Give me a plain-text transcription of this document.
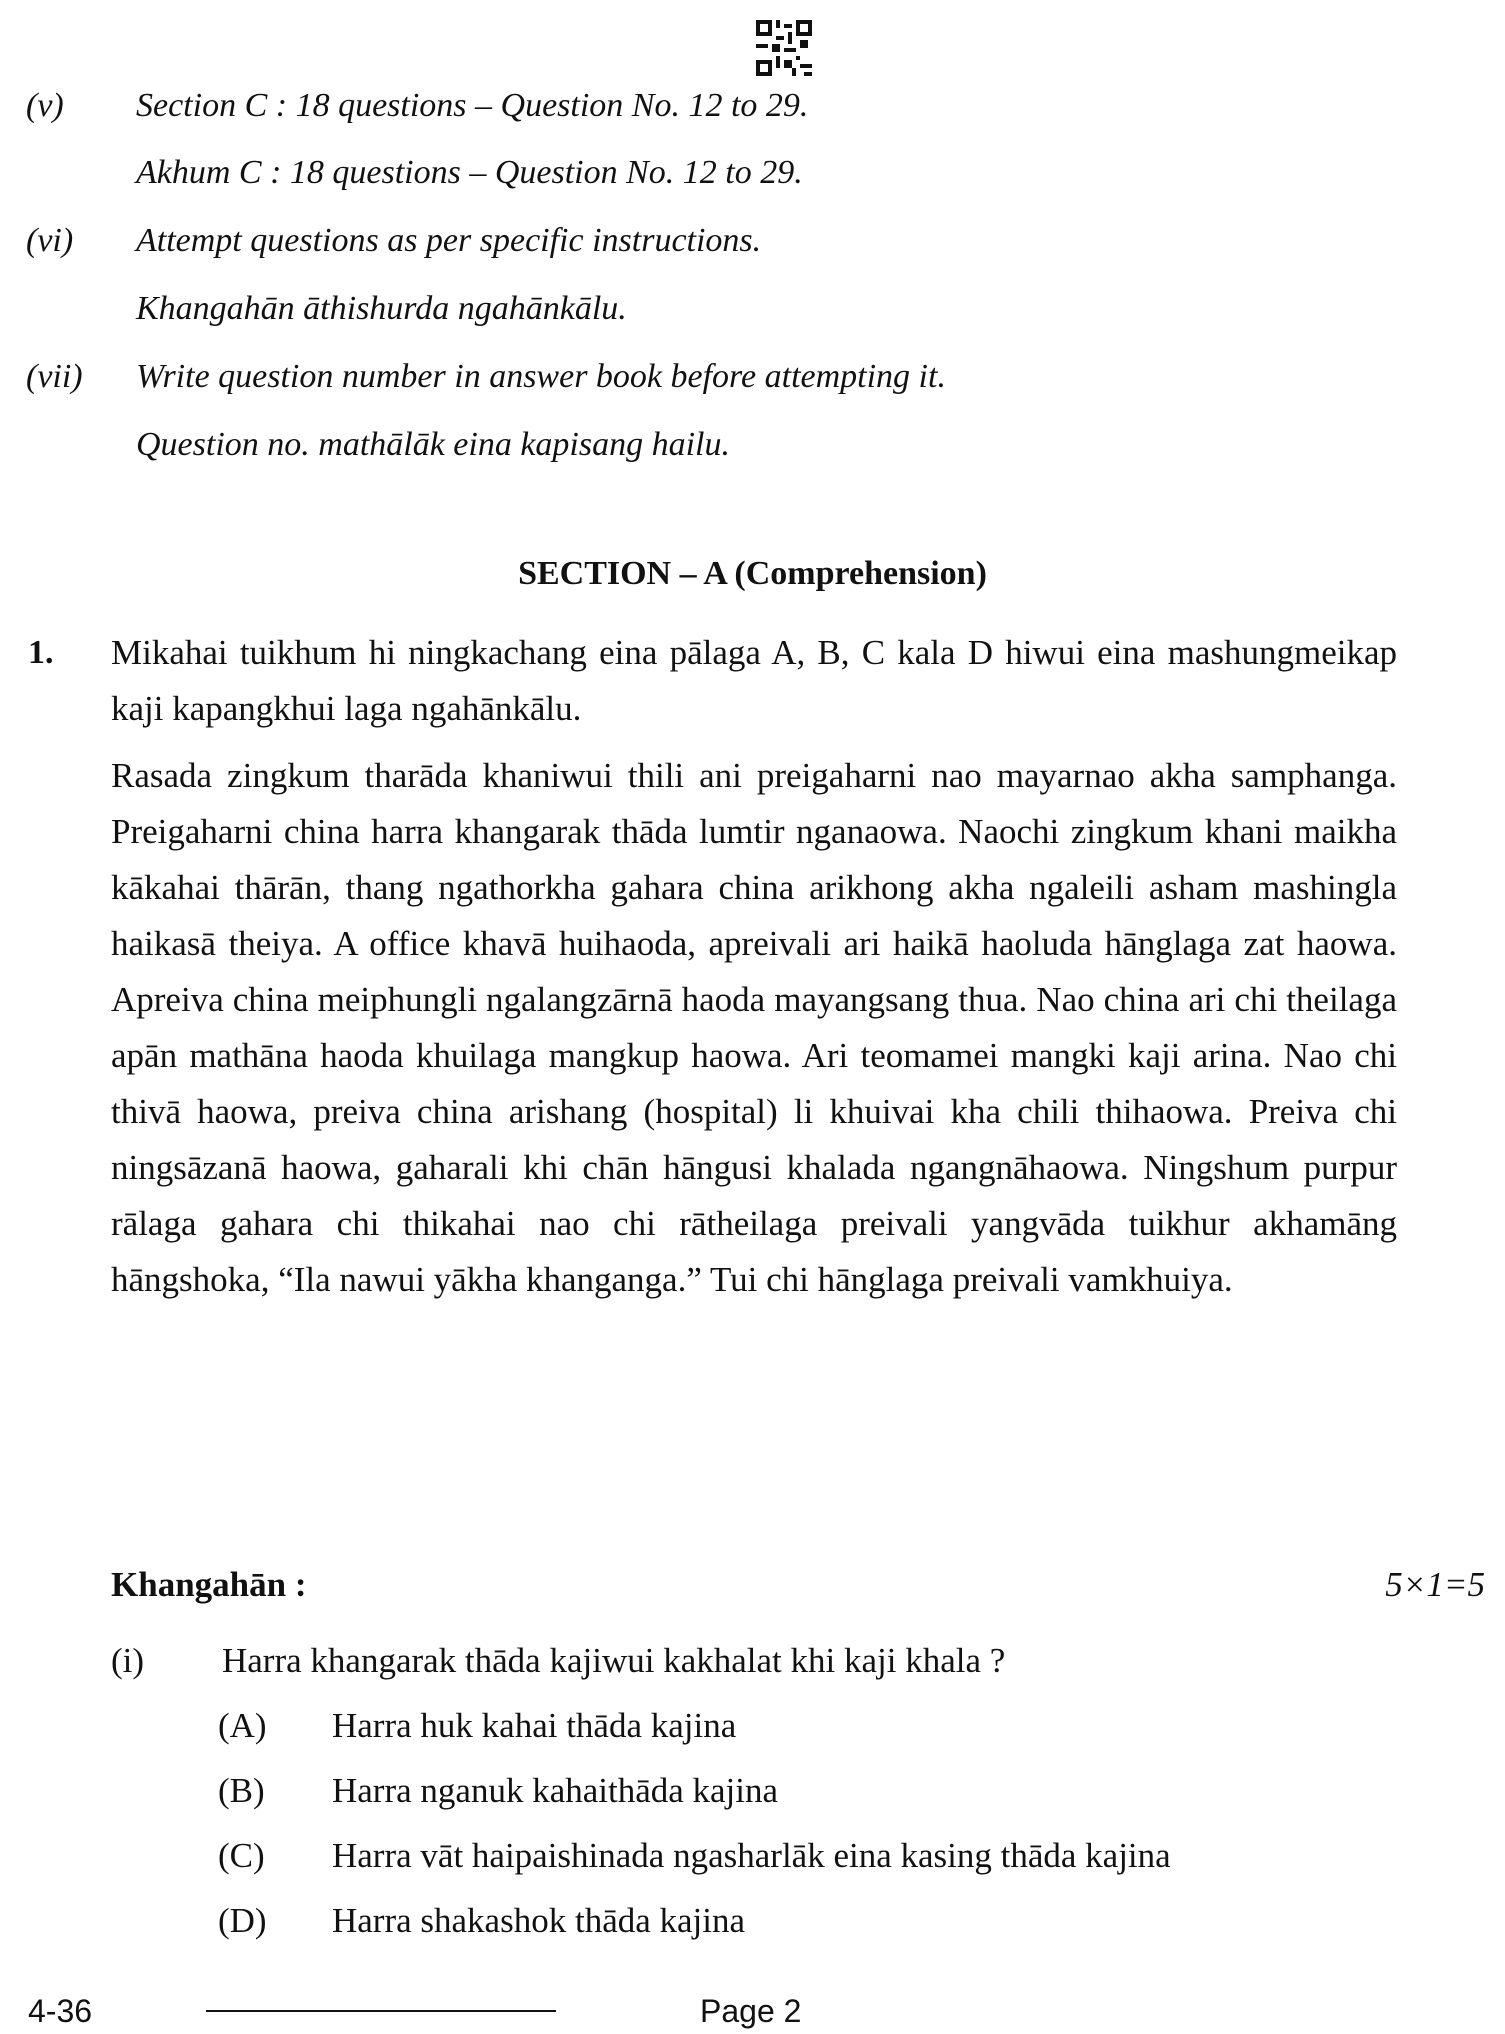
(v) Section C : 18 questions – Question No. 12 to 29.
Akhum C : 18 questions – Question No. 12 to 29.
(vi) Attempt questions as per specific instructions.
Khangahān āthishurda ngahānkālu.
(vii) Write question number in answer book before attempting it.
Question no. mathālāk eina kapisang hailu.
SECTION – A (Comprehension)
1. Mikahai tuikhum hi ningkachang eina pālaga A, B, C kala D hiwui eina mashungmeikap kaji kapangkhui laga ngahānkālu.
Rasada zingkum tharāda khaniwui thili ani preigaharni nao mayarnao akha samphanga. Preigaharni china harra khangarak thāda lumtir nganaowa. Naochi zingkum khani maikha kākahai thārān, thang ngathorkha gahara china arikhong akha ngaleili asham mashingla haikasā theiya. A office khavā huihaoda, apreivali ari haikā haoluda hānglaga zat haowa. Apreiva china meiphungli ngalangzārnā haoda mayangsang thua. Nao china ari chi theilaga apān mathāna haoda khuilaga mangkup haowa. Ari teomamei mangki kaji arina. Nao chi thivā haowa, preiva china arishang (hospital) li khuivai kha chili thihaowa. Preiva chi ningsāzanā haowa, gaharali khi chān hāngusi khalada ngangnāhaowa. Ningshum purpur rālaga gahara chi thikahai nao chi rātheilaga preivali yangvāda tuikhur akhamāng hāngshoka, “Ila nawui yākha khanganga.” Tui chi hānglaga preivali vamkhuiya.
Khangahān :	5×1=5
(i) Harra khangarak thāda kajiwui kakhalat khi kaji khala ?
(A) Harra huk kahai thāda kajina
(B) Harra nganuk kahaithāda kajina
(C) Harra vāt haipaishinada ngasharlāk eina kasing thāda kajina
(D) Harra shakashok thāda kajina
4-36	Page 2
